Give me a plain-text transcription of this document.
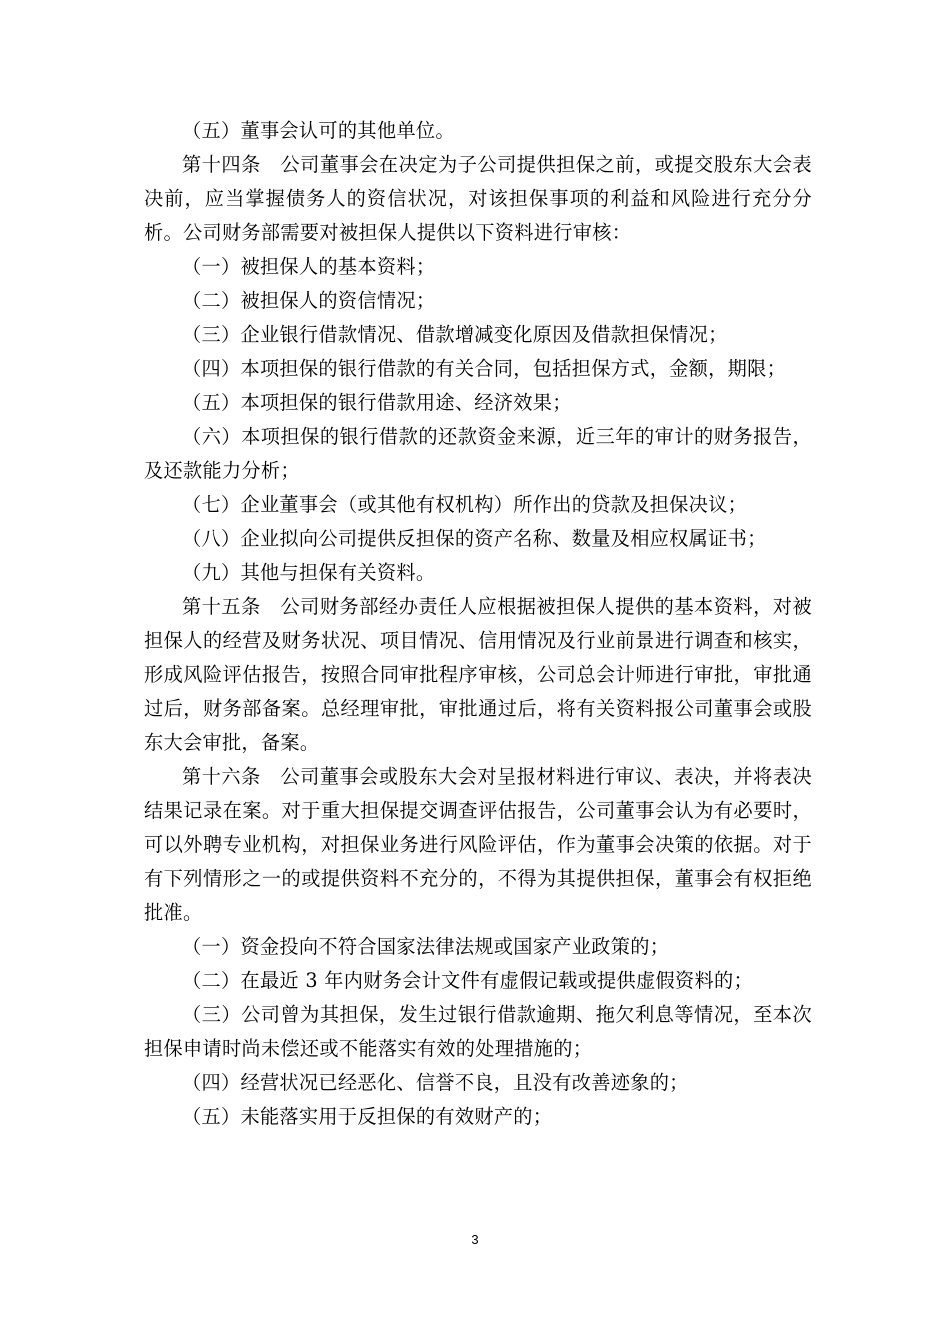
（五）董事会认可的其他单位。

第十四条　公司董事会在决定为子公司提供担保之前，或提交股东大会表决前，应当掌握债务人的资信状况，对该担保事项的利益和风险进行充分分析。公司财务部需要对被担保人提供以下资料进行审核：

（一）被担保人的基本资料；

（二）被担保人的资信情况；

（三）企业银行借款情况、借款增减变化原因及借款担保情况；

（四）本项担保的银行借款的有关合同，包括担保方式，金额，期限；

（五）本项担保的银行借款用途、经济效果；

（六）本项担保的银行借款的还款资金来源，近三年的审计的财务报告，及还款能力分析；

（七）企业董事会（或其他有权机构）所作出的贷款及担保决议；

（八）企业拟向公司提供反担保的资产名称、数量及相应权属证书；

（九）其他与担保有关资料。

第十五条　公司财务部经办责任人应根据被担保人提供的基本资料，对被担保人的经营及财务状况、项目情况、信用情况及行业前景进行调查和核实，形成风险评估报告，按照合同审批程序审核，公司总会计师进行审批，审批通过后，财务部备案。总经理审批，审批通过后，将有关资料报公司董事会或股东大会审批，备案。

第十六条　公司董事会或股东大会对呈报材料进行审议、表决，并将表决结果记录在案。对于重大担保提交调查评估报告，公司董事会认为有必要时，可以外聘专业机构，对担保业务进行风险评估，作为董事会决策的依据。对于有下列情形之一的或提供资料不充分的，不得为其提供担保，董事会有权拒绝批准。

（一）资金投向不符合国家法律法规或国家产业政策的；

（二）在最近 3 年内财务会计文件有虚假记载或提供虚假资料的；

（三）公司曾为其担保，发生过银行借款逾期、拖欠利息等情况，至本次担保申请时尚未偿还或不能落实有效的处理措施的；

（四）经营状况已经恶化、信誉不良，且没有改善迹象的；

（五）未能落实用于反担保的有效财产的；

3
